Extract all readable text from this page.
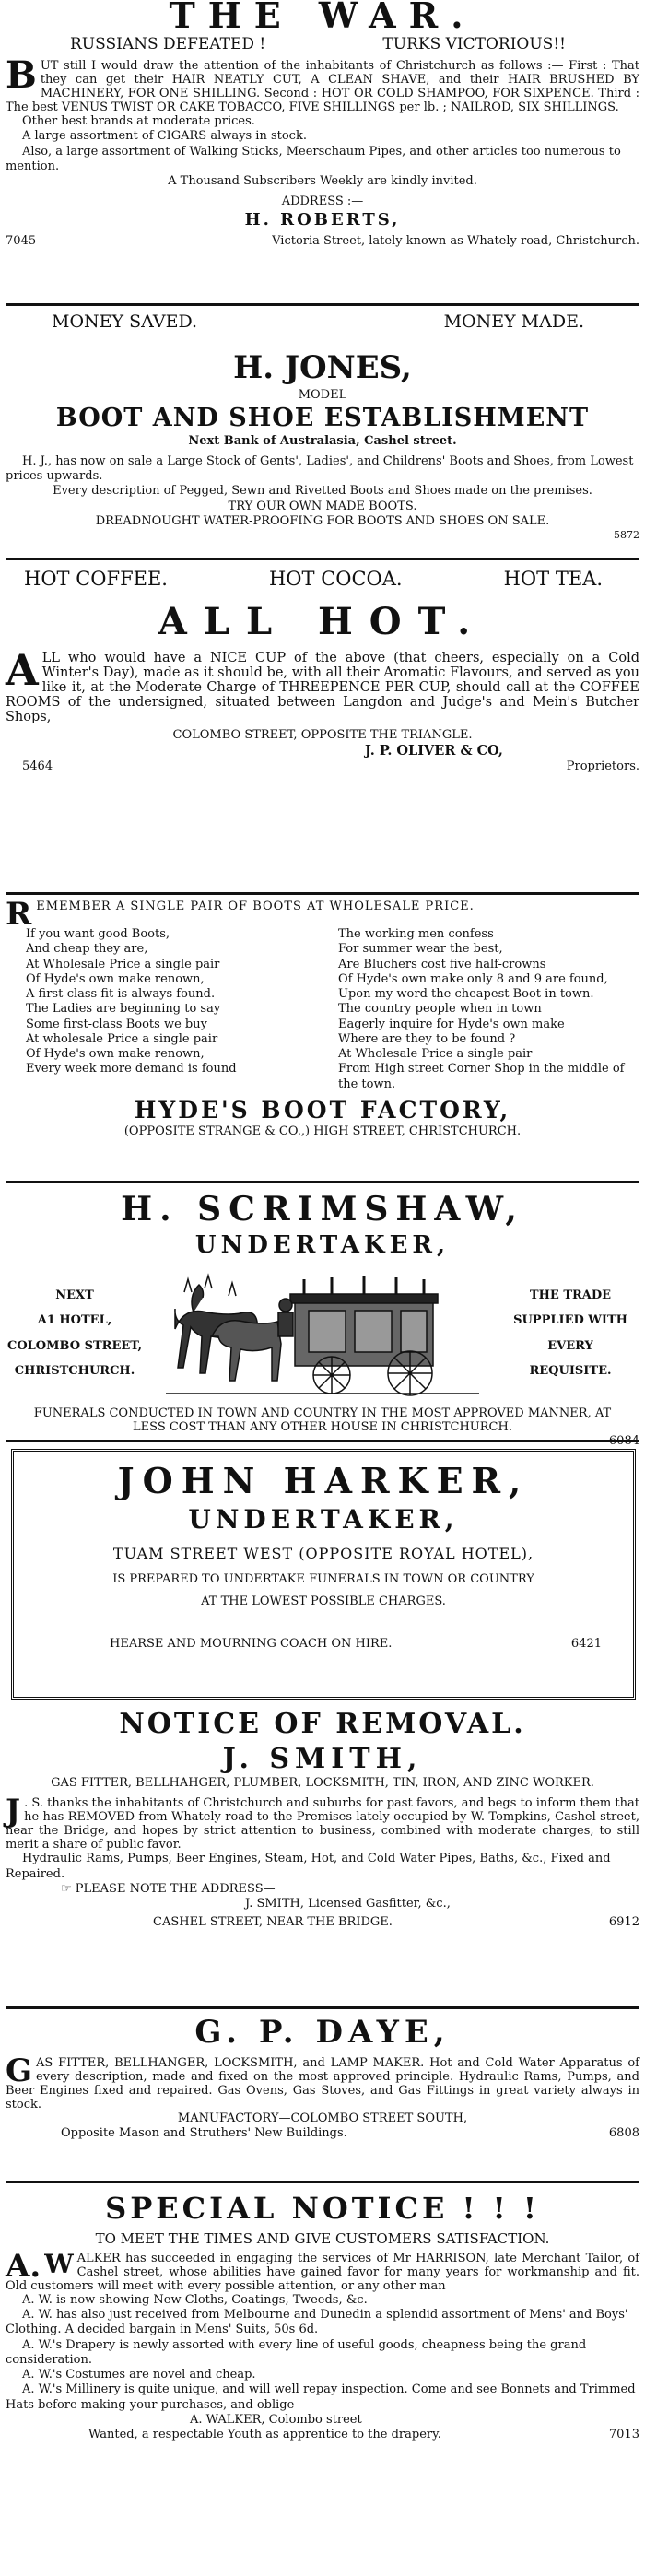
THE WAR.

RUSSIANS DEFEATED !	TURKS VICTORIOUS!!
B UT still I would draw the attention of the inhabitants of Christchurch as follows :— First : That they can get their HAIR NEATLY CUT, A CLEAN SHAVE, and their HAIR BRUSHED BY MACHINERY, FOR ONE SHILLING. Second : HOT OR COLD SHAMPOO, FOR SIXPENCE. Third : The best VENUS TWIST OR CAKE TOBACCO, FIVE SHILLINGS per lb. ; NAILROD, SIX SHILLINGS.

Other best brands at moderate prices.

A large assortment of CIGARS always in stock.

Also, a large assortment of Walking Sticks, Meerschaum Pipes, and other articles too numerous to mention.

A Thousand Subscribers Weekly are kindly invited.

ADDRESS :—

H. ROBERTS,

7045	Victoria Street, lately known as Whately road, Christchurch.
MONEY SAVED.	MONEY MADE.

H. JONES,

MODEL

BOOT AND SHOE ESTABLISHMENT

Next Bank of Australasia, Cashel street.

H. J., has now on sale a Large Stock of Gents', Ladies', and Childrens' Boots and Shoes, from Lowest prices upwards.

Every description of Pegged, Sewn and Rivetted Boots and Shoes made on the premises.

TRY OUR OWN MADE BOOTS.

DREADNOUGHT WATER-PROOFING FOR BOOTS AND SHOES ON SALE.

5872

HOT COFFEE.	HOT COCOA.	HOT TEA.

ALL HOT.

A LL who would have a NICE CUP of the above (that cheers, especially on a Cold Winter's Day), made as it should be, with all their Aromatic Flavours, and served as you like it, at the Moderate Charge of THREEPENCE PER CUP, should call at the COFFEE ROOMS of the undersigned, situated between Langdon and Judge's and Mein's Butcher Shops,

COLOMBO STREET, OPPOSITE THE TRIANGLE.

J. P. OLIVER & CO,

5464	Proprietors.
R EMEMBER A SINGLE PAIR OF BOOTS AT WHOLESALE PRICE.

If you want good Boots,

And cheap they are,

At Wholesale Price a single pair

Of Hyde's own make renown,

A first-class fit is always found.

The Ladies are beginning to say

Some first-class Boots we buy

At wholesale Price a single pair

Of Hyde's own make renown,

Every week more demand is found

The working men confess

For summer wear the best,

Are Bluchers cost five half-crowns

Of Hyde's own make only 8 and 9 are found,

Upon my word the cheapest Boot in town.

The country people when in town

Eagerly inquire for Hyde's own make

Where are they to be found ?

At Wholesale Price a single pair

From High street Corner Shop in the middle of the town.

HYDE'S BOOT FACTORY,

(OPPOSITE STRANGE & CO.,) HIGH STREET, CHRISTCHURCH.

H. SCRIMSHAW,

UNDERTAKER,

NEXT
A1 HOTEL,
COLOMBO STREET,
CHRISTCHURCH.
THE TRADE
SUPPLIED WITH
EVERY
REQUISITE.
FUNERALS CONDUCTED IN TOWN AND COUNTRY IN THE MOST APPROVED MANNER, AT LESS COST THAN ANY OTHER HOUSE IN CHRISTCHURCH.

6084

JOHN HARKER,

UNDERTAKER,

TUAM STREET WEST (OPPOSITE ROYAL HOTEL),

IS PREPARED TO UNDERTAKE FUNERALS IN TOWN OR COUNTRY

AT THE LOWEST POSSIBLE CHARGES.

HEARSE AND MOURNING COACH ON HIRE.	6421

NOTICE OF REMOVAL.

J. SMITH,

GAS FITTER, BELLHAHGER, PLUMBER, LOCKSMITH, TIN, IRON, AND ZINC WORKER.

J . S. thanks the inhabitants of Christchurch and suburbs for past favors, and begs to inform them that he has REMOVED from Whately road to the Premises lately occupied by W. Tompkins, Cashel street, near the Bridge, and hopes by strict attention to business, combined with moderate charges, to still merit a share of public favor.

Hydraulic Rams, Pumps, Beer Engines, Steam, Hot, and Cold Water Pipes, Baths, &c., Fixed and Repaired.

☞ PLEASE NOTE THE ADDRESS—

J. SMITH, Licensed Gasfitter, &c.,

CASHEL STREET, NEAR THE BRIDGE.	6912

G. P. DAYE,

G AS FITTER, BELLHANGER, LOCKSMITH, and LAMP MAKER. Hot and Cold Water Apparatus of every description, made and fixed on the most approved principle. Hydraulic Rams, Pumps, and Beer Engines fixed and repaired. Gas Ovens, Gas Stoves, and Gas Fittings in great variety always in stock.

MANUFACTORY—COLOMBO STREET SOUTH,

Opposite Mason and Struthers' New Buildings.	6808

SPECIAL NOTICE ! ! !

TO MEET THE TIMES AND GIVE CUSTOMERS SATISFACTION.

A. W ALKER has succeeded in engaging the services of Mr HARRISON, late Merchant Tailor, of Cashel street, whose abilities have gained favor for many years for workmanship and fit. Old customers will meet with every possible attention, or any other man

A. W. is now showing New Cloths, Coatings, Tweeds, &c.

A. W. has also just received from Melbourne and Dunedin a splendid assortment of Mens' and Boys' Clothing. A decided bargain in Mens' Suits, 50s 6d.

A. W.'s Drapery is newly assorted with every line of useful goods, cheapness being the grand consideration.

A. W.'s Costumes are novel and cheap.

A. W.'s Millinery is quite unique, and will well repay inspection. Come and see Bonnets and Trimmed Hats before making your purchases, and oblige

A. WALKER, Colombo street

Wanted, a respectable Youth as apprentice to the drapery.	7013
